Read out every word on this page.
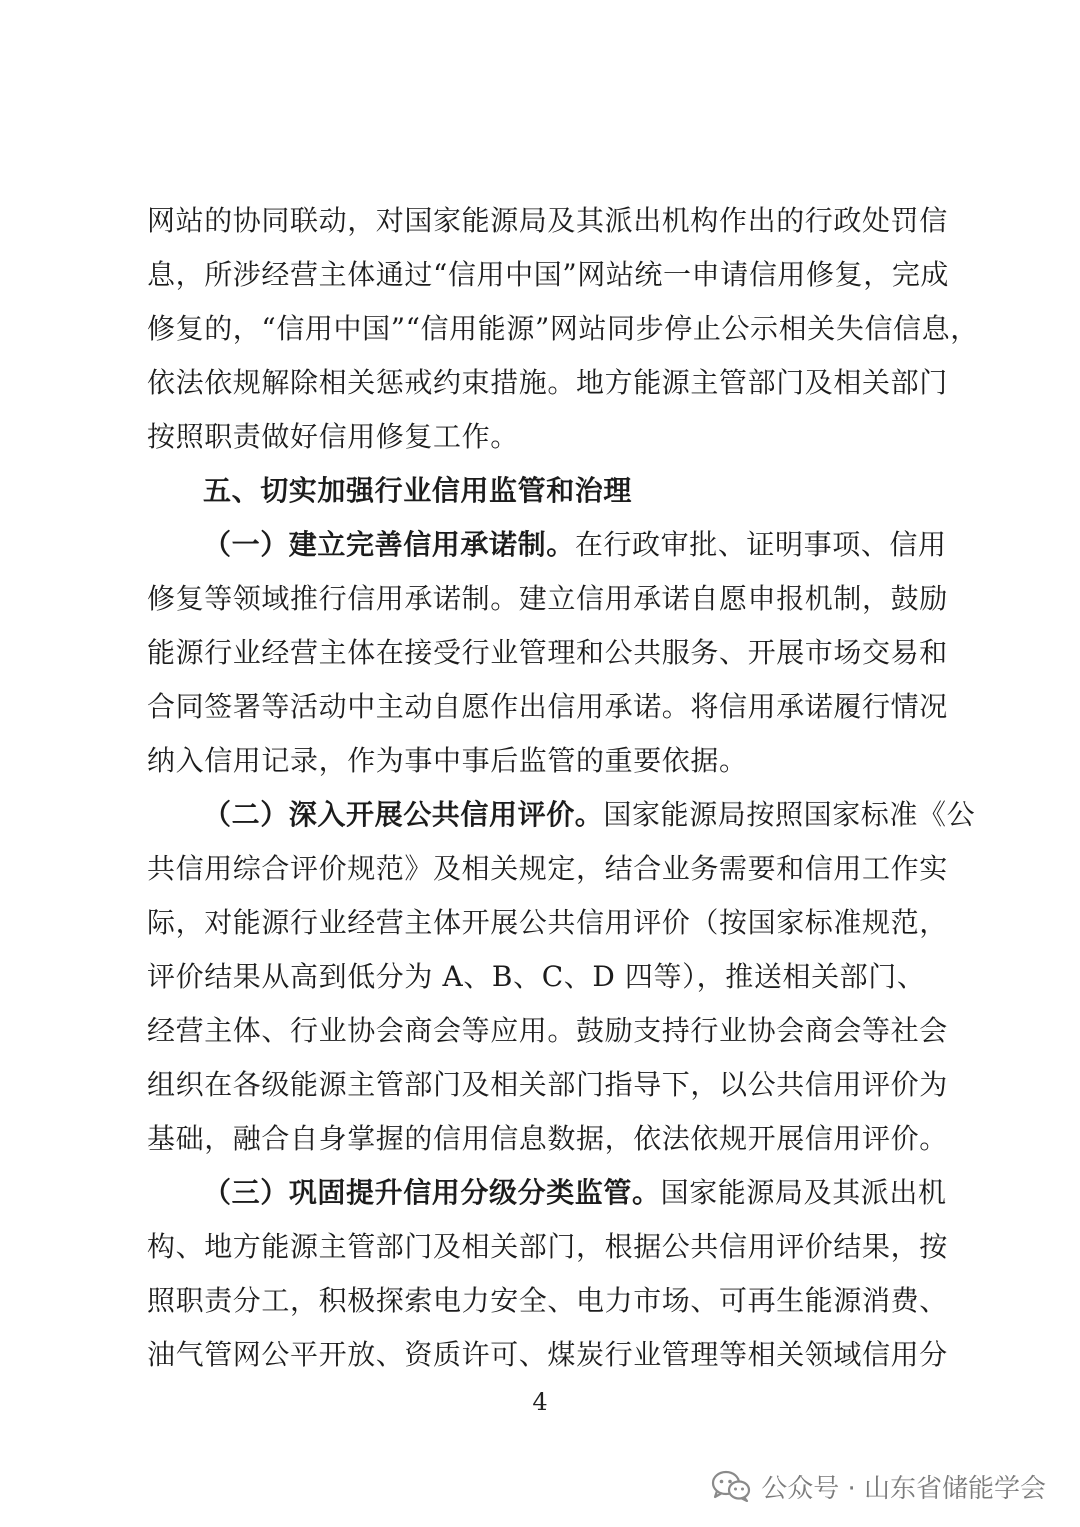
网站的协同联动，对国家能源局及其派出机构作出的行政处罚信
息，所涉经营主体通过“信用中国”网站统一申请信用修复，完成
修复的，“信用中国”“信用能源”网站同步停止公示相关失信信息，
依法依规解除相关惩戒约束措施。地方能源主管部门及相关部门
按照职责做好信用修复工作。
五、切实加强行业信用监管和治理
（一）建立完善信用承诺制。在行政审批、证明事项、信用
修复等领域推行信用承诺制。建立信用承诺自愿申报机制，鼓励
能源行业经营主体在接受行业管理和公共服务、开展市场交易和
合同签署等活动中主动自愿作出信用承诺。将信用承诺履行情况
纳入信用记录，作为事中事后监管的重要依据。
（二）深入开展公共信用评价。国家能源局按照国家标准《公
共信用综合评价规范》及相关规定，结合业务需要和信用工作实
际，对能源行业经营主体开展公共信用评价（按国家标准规范，
评价结果从高到低分为 A、B、C、D 四等），推送相关部门、
经营主体、行业协会商会等应用。鼓励支持行业协会商会等社会
组织在各级能源主管部门及相关部门指导下，以公共信用评价为
基础，融合自身掌握的信用信息数据，依法依规开展信用评价。
（三）巩固提升信用分级分类监管。国家能源局及其派出机
构、地方能源主管部门及相关部门，根据公共信用评价结果，按
照职责分工，积极探索电力安全、电力市场、可再生能源消费、
油气管网公平开放、资质许可、煤炭行业管理等相关领域信用分
4
公众号 · 山东省储能学会
